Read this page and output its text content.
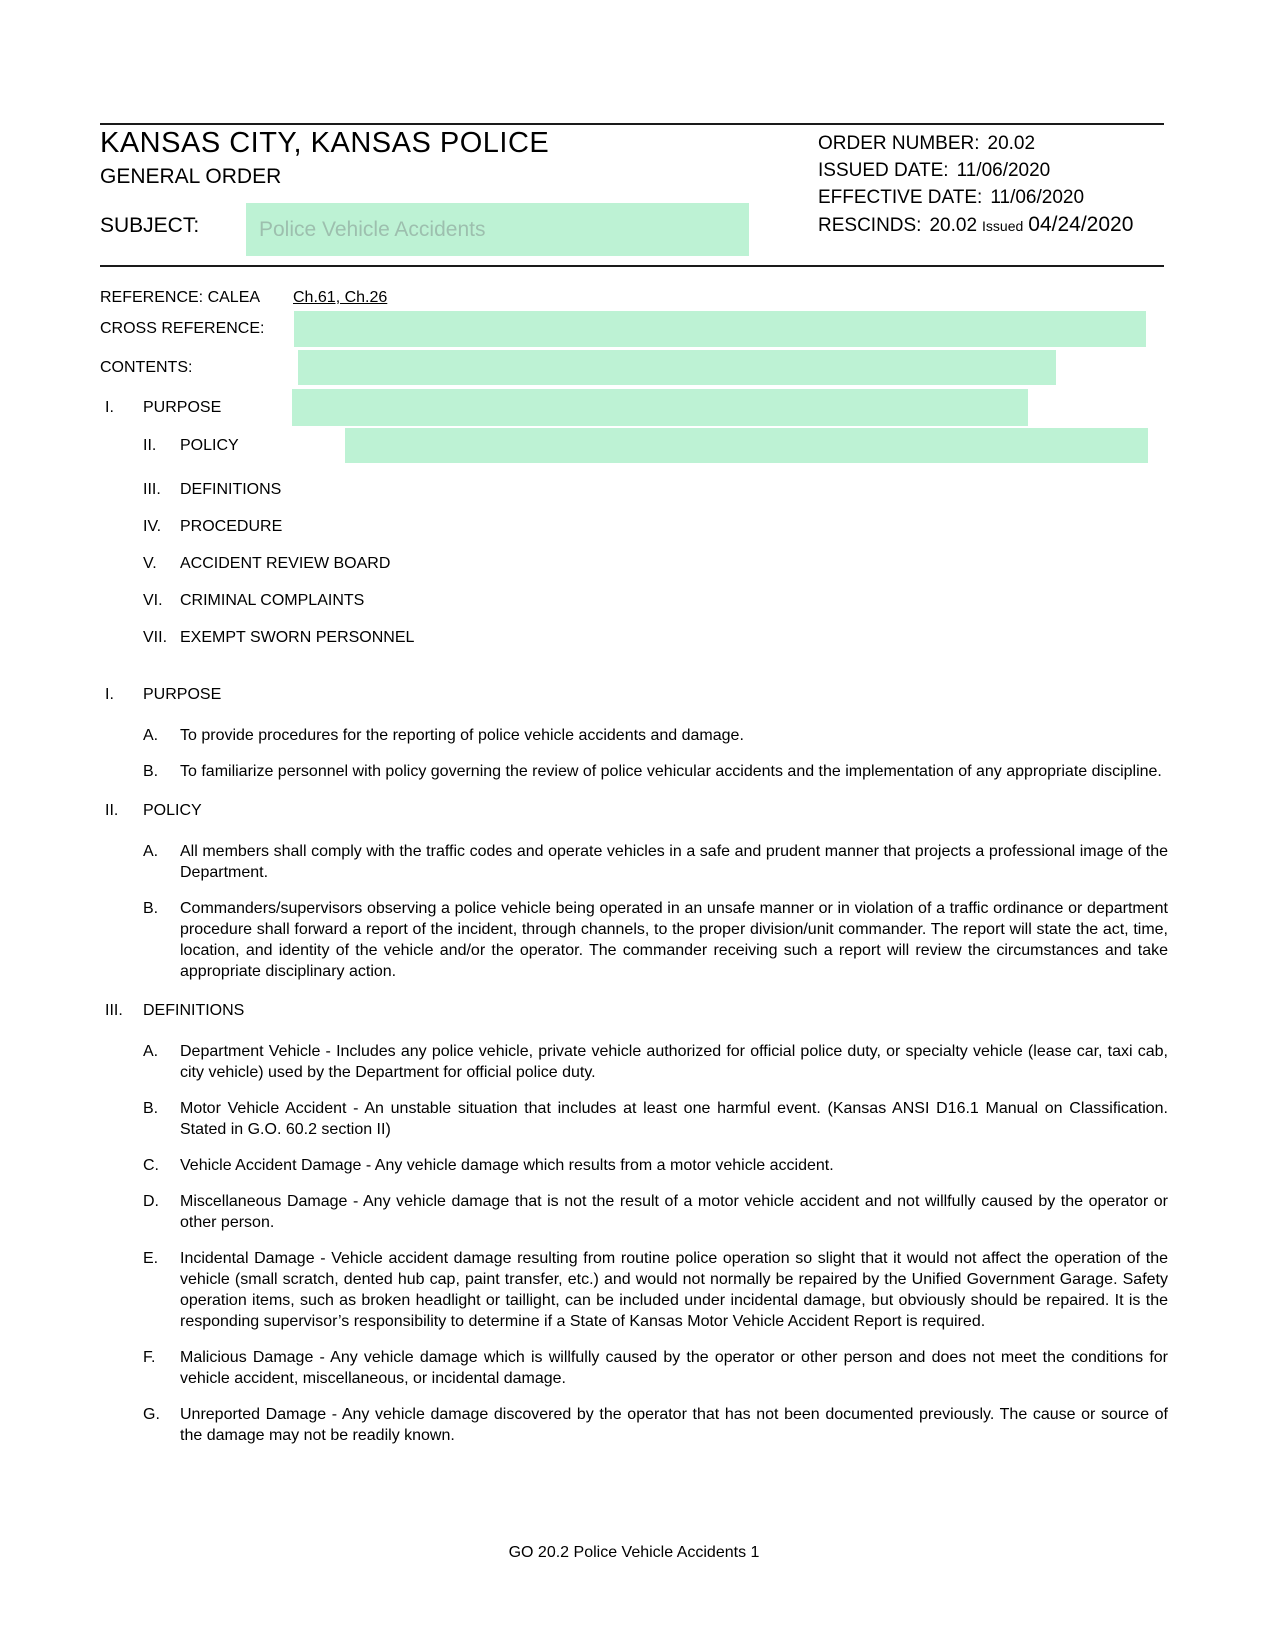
KANSAS CITY, KANSAS POLICE
GENERAL ORDER
ORDER NUMBER: 20.02
ISSUED DATE: 11/06/2020
EFFECTIVE DATE: 11/06/2020
RESCINDS: 20.02 Issued 04/24/2020
SUBJECT:	Police Vehicle Accidents
REFERENCE: CALEA Ch.61, Ch.26
CROSS REFERENCE:
CONTENTS:
I.	PURPOSE
II.	POLICY
III.	DEFINITIONS
IV.	PROCEDURE
V.	ACCIDENT REVIEW BOARD
VI.	CRIMINAL COMPLAINTS
VII. EXEMPT SWORN PERSONNEL
I.	PURPOSE
A.	To provide procedures for the reporting of police vehicle accidents and damage.
B.	To familiarize personnel with policy governing the review of police vehicular accidents and the implementation of any appropriate discipline.
II.	POLICY
A.	All members shall comply with the traffic codes and operate vehicles in a safe and prudent manner that projects a professional image of the Department.
B.	Commanders/supervisors observing a police vehicle being operated in an unsafe manner or in violation of a traffic ordinance or department procedure shall forward a report of the incident, through channels, to the proper division/unit commander. The report will state the act, time, location, and identity of the vehicle and/or the operator. The commander receiving such a report will review the circumstances and take appropriate disciplinary action.
III.	DEFINITIONS
A.	Department Vehicle - Includes any police vehicle, private vehicle authorized for official police duty, or specialty vehicle (lease car, taxi cab, city vehicle) used by the Department for official police duty.
B.	Motor Vehicle Accident - An unstable situation that includes at least one harmful event. (Kansas ANSI D16.1 Manual on Classification. Stated in G.O. 60.2 section II)
C.	Vehicle Accident Damage - Any vehicle damage which results from a motor vehicle accident.
D.	Miscellaneous Damage - Any vehicle damage that is not the result of a motor vehicle accident and not willfully caused by the operator or other person.
E.	Incidental Damage - Vehicle accident damage resulting from routine police operation so slight that it would not affect the operation of the vehicle (small scratch, dented hub cap, paint transfer, etc.) and would not normally be repaired by the Unified Government Garage. Safety operation items, such as broken headlight or taillight, can be included under incidental damage, but obviously should be repaired. It is the responding supervisor’s responsibility to determine if a State of Kansas Motor Vehicle Accident Report is required.
F.	Malicious Damage - Any vehicle damage which is willfully caused by the operator or other person and does not meet the conditions for vehicle accident, miscellaneous, or incidental damage.
G.	Unreported Damage - Any vehicle damage discovered by the operator that has not been documented previously. The cause or source of the damage may not be readily known.
GO 20.2 Police Vehicle Accidents 1
